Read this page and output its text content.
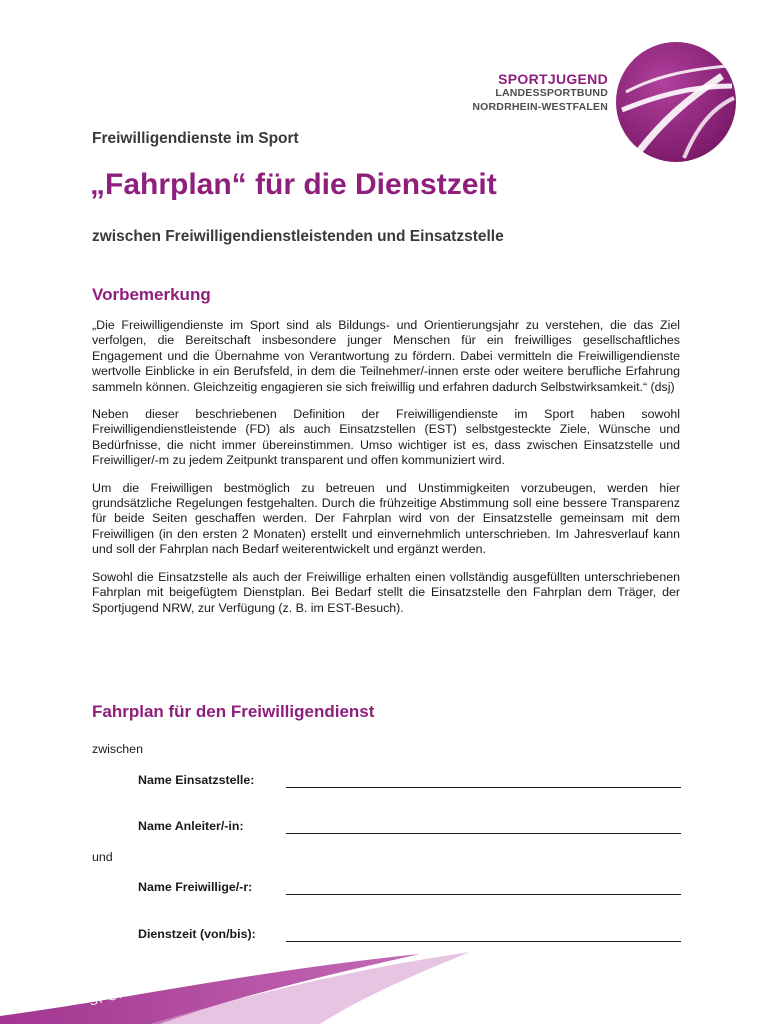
SPORTJUGEND
LANDESSPORTBUND
NORDRHEIN-WESTFALEN
Freiwilligendienste im Sport
„Fahrplan“ für die Dienstzeit
zwischen Freiwilligendienstleistenden und Einsatzstelle
Vorbemerkung

„Die Freiwilligendienste im Sport sind als Bildungs- und Orientierungsjahr zu verstehen, die das Ziel verfolgen, die Bereitschaft insbesondere junger Menschen für ein freiwilliges gesellschaftliches Engagement und die Übernahme von Verantwortung zu fördern. Dabei vermitteln die Freiwilligendienste wertvolle Einblicke in ein Berufsfeld, in dem die Teilnehmer/-innen erste oder weitere berufliche Erfahrung sammeln können. Gleichzeitig engagieren sie sich freiwillig und erfahren dadurch Selbstwirksamkeit.“ (dsj)

Neben dieser beschriebenen Definition der Freiwilligendienste im Sport haben sowohl Freiwilligendienstleistende (FD) als auch Einsatzstellen (EST) selbstgesteckte Ziele, Wünsche und Bedürfnisse, die nicht immer übereinstimmen. Umso wichtiger ist es, dass zwischen Einsatzstelle und Freiwilliger/-m zu jedem Zeitpunkt transparent und offen kommuniziert wird.

Um die Freiwilligen bestmöglich zu betreuen und Unstimmigkeiten vorzubeugen, werden hier grundsätzliche Regelungen festgehalten. Durch die frühzeitige Abstimmung soll eine bessere Transparenz für beide Seiten geschaffen werden. Der Fahrplan wird von der Einsatzstelle gemeinsam mit dem Freiwilligen (in den ersten 2 Monaten) erstellt und einvernehmlich unterschrieben. Im Jahresverlauf kann und soll der Fahrplan nach Bedarf weiterentwickelt und ergänzt werden.

Sowohl die Einsatzstelle als auch der Freiwillige erhalten einen vollständig ausgefüllten unterschriebenen Fahrplan mit beigefügtem Dienstplan. Bei Bedarf stellt die Einsatzstelle den Fahrplan dem Träger, der Sportjugend NRW, zur Verfügung (z. B. im EST-Besuch).

Fahrplan für den Freiwilligendienst
zwischen
Name Einsatzstelle:
Name Anleiter/-in:
und
Name Freiwillige/-r:
Dienstzeit (von/bis):
SPORT BEWEGT NRW!
